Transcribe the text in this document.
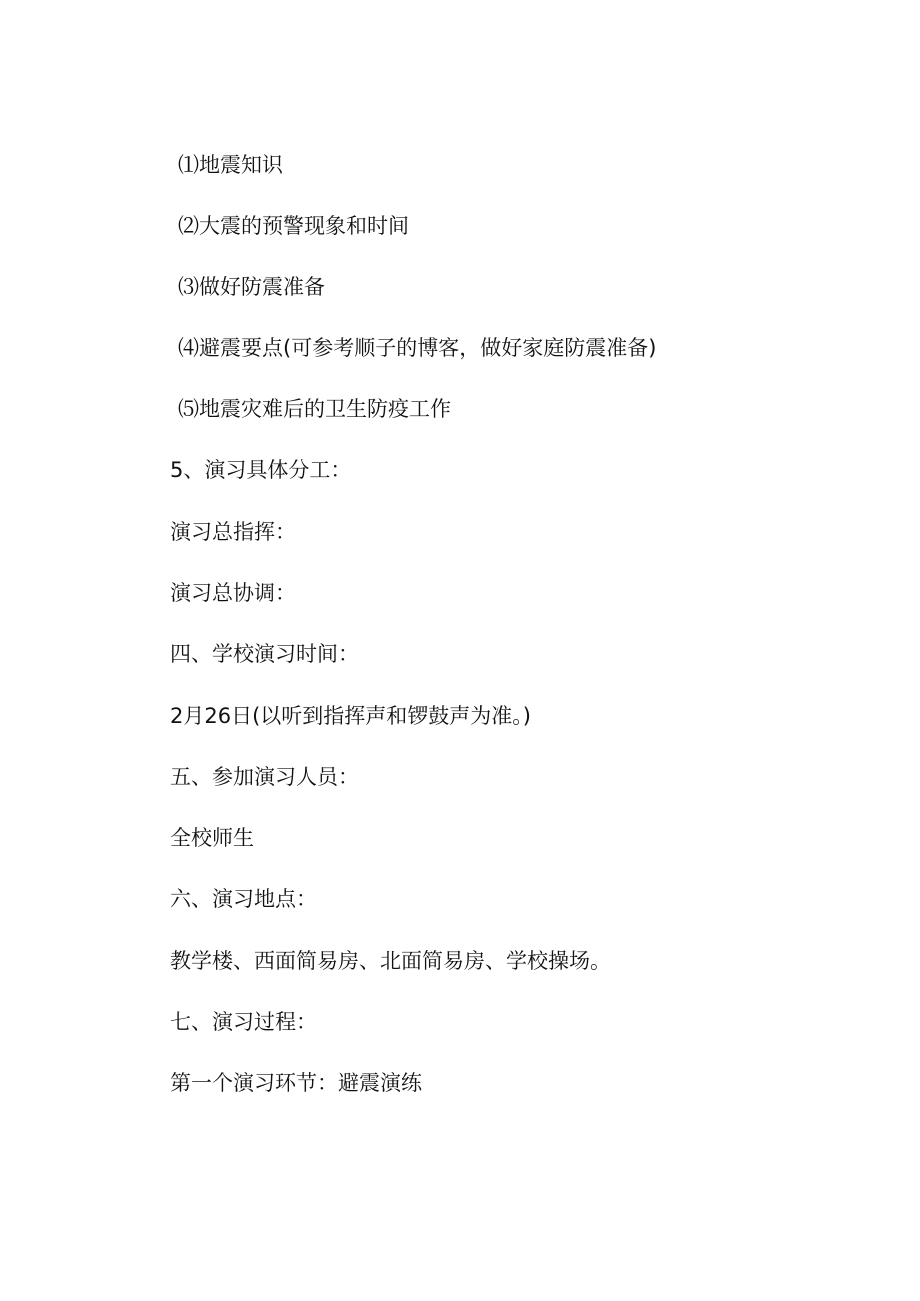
⑴地震知识
⑵大震的预警现象和时间
⑶做好防震准备
⑷避震要点(可参考顺子的博客，做好家庭防震准备)
⑸地震灾难后的卫生防疫工作
5、演习具体分工：
演习总指挥：
演习总协调：
四、学校演习时间：
2月26日(以听到指挥声和锣鼓声为准。)
五、参加演习人员：
全校师生
六、演习地点：
教学楼、西面简易房、北面简易房、学校操场。
七、演习过程：
第一个演习环节：避震演练
